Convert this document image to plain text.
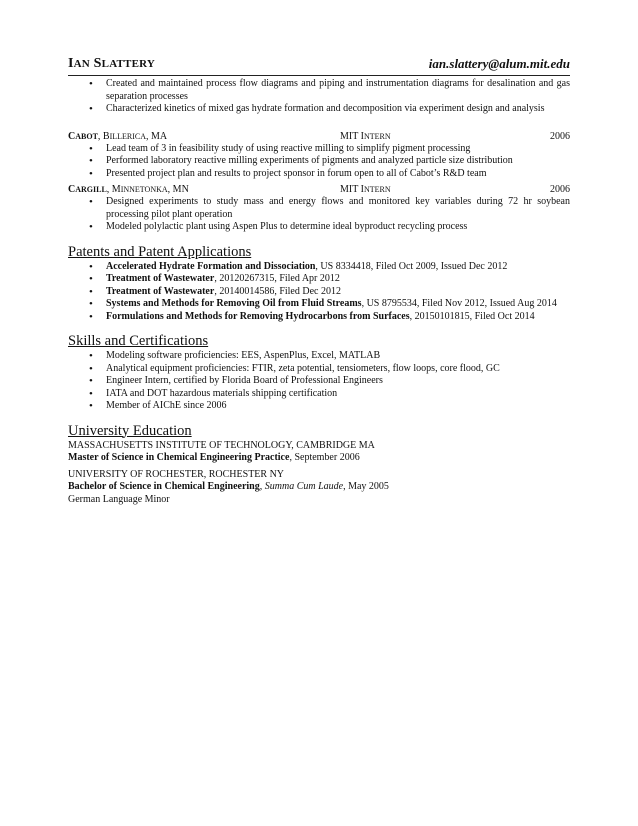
IAN SLATTERY	ian.slattery@alum.mit.edu
• Created and maintained process flow diagrams and piping and instrumentation diagrams for desalination and gas separation processes
• Characterized kinetics of mixed gas hydrate formation and decomposition via experiment design and analysis
CABOT, BILLERICA, MA	MIT INTERN	2006
• Lead team of 3 in feasibility study of using reactive milling to simplify pigment processing
• Performed laboratory reactive milling experiments of pigments and analyzed particle size distribution
• Presented project plan and results to project sponsor in forum open to all of Cabot’s R&D team
CARGILL, MINNETONKA, MN	MIT INTERN	2006
• Designed experiments to study mass and energy flows and monitored key variables during 72 hr soybean processing pilot plant operation
• Modeled polylactic plant using Aspen Plus to determine ideal byproduct recycling process
Patents and Patent Applications
• Accelerated Hydrate Formation and Dissociation, US 8334418, Filed Oct 2009, Issued Dec 2012
• Treatment of Wastewater, 20120267315, Filed Apr 2012
• Treatment of Wastewater, 20140014586, Filed Dec 2012
• Systems and Methods for Removing Oil from Fluid Streams, US 8795534, Filed Nov 2012, Issued Aug 2014
• Formulations and Methods for Removing Hydrocarbons from Surfaces, 20150101815, Filed Oct 2014
Skills and Certifications
• Modeling software proficiencies: EES, AspenPlus, Excel, MATLAB
• Analytical equipment proficiencies: FTIR, zeta potential, tensiometers, flow loops, core flood, GC
• Engineer Intern, certified by Florida Board of Professional Engineers
• IATA and DOT hazardous materials shipping certification
• Member of AIChE since 2006
University Education
MASSACHUSETTS INSTITUTE OF TECHNOLOGY, CAMBRIDGE MA
Master of Science in Chemical Engineering Practice, September 2006
UNIVERSITY OF ROCHESTER, ROCHESTER NY
Bachelor of Science in Chemical Engineering, Summa Cum Laude, May 2005
German Language Minor
